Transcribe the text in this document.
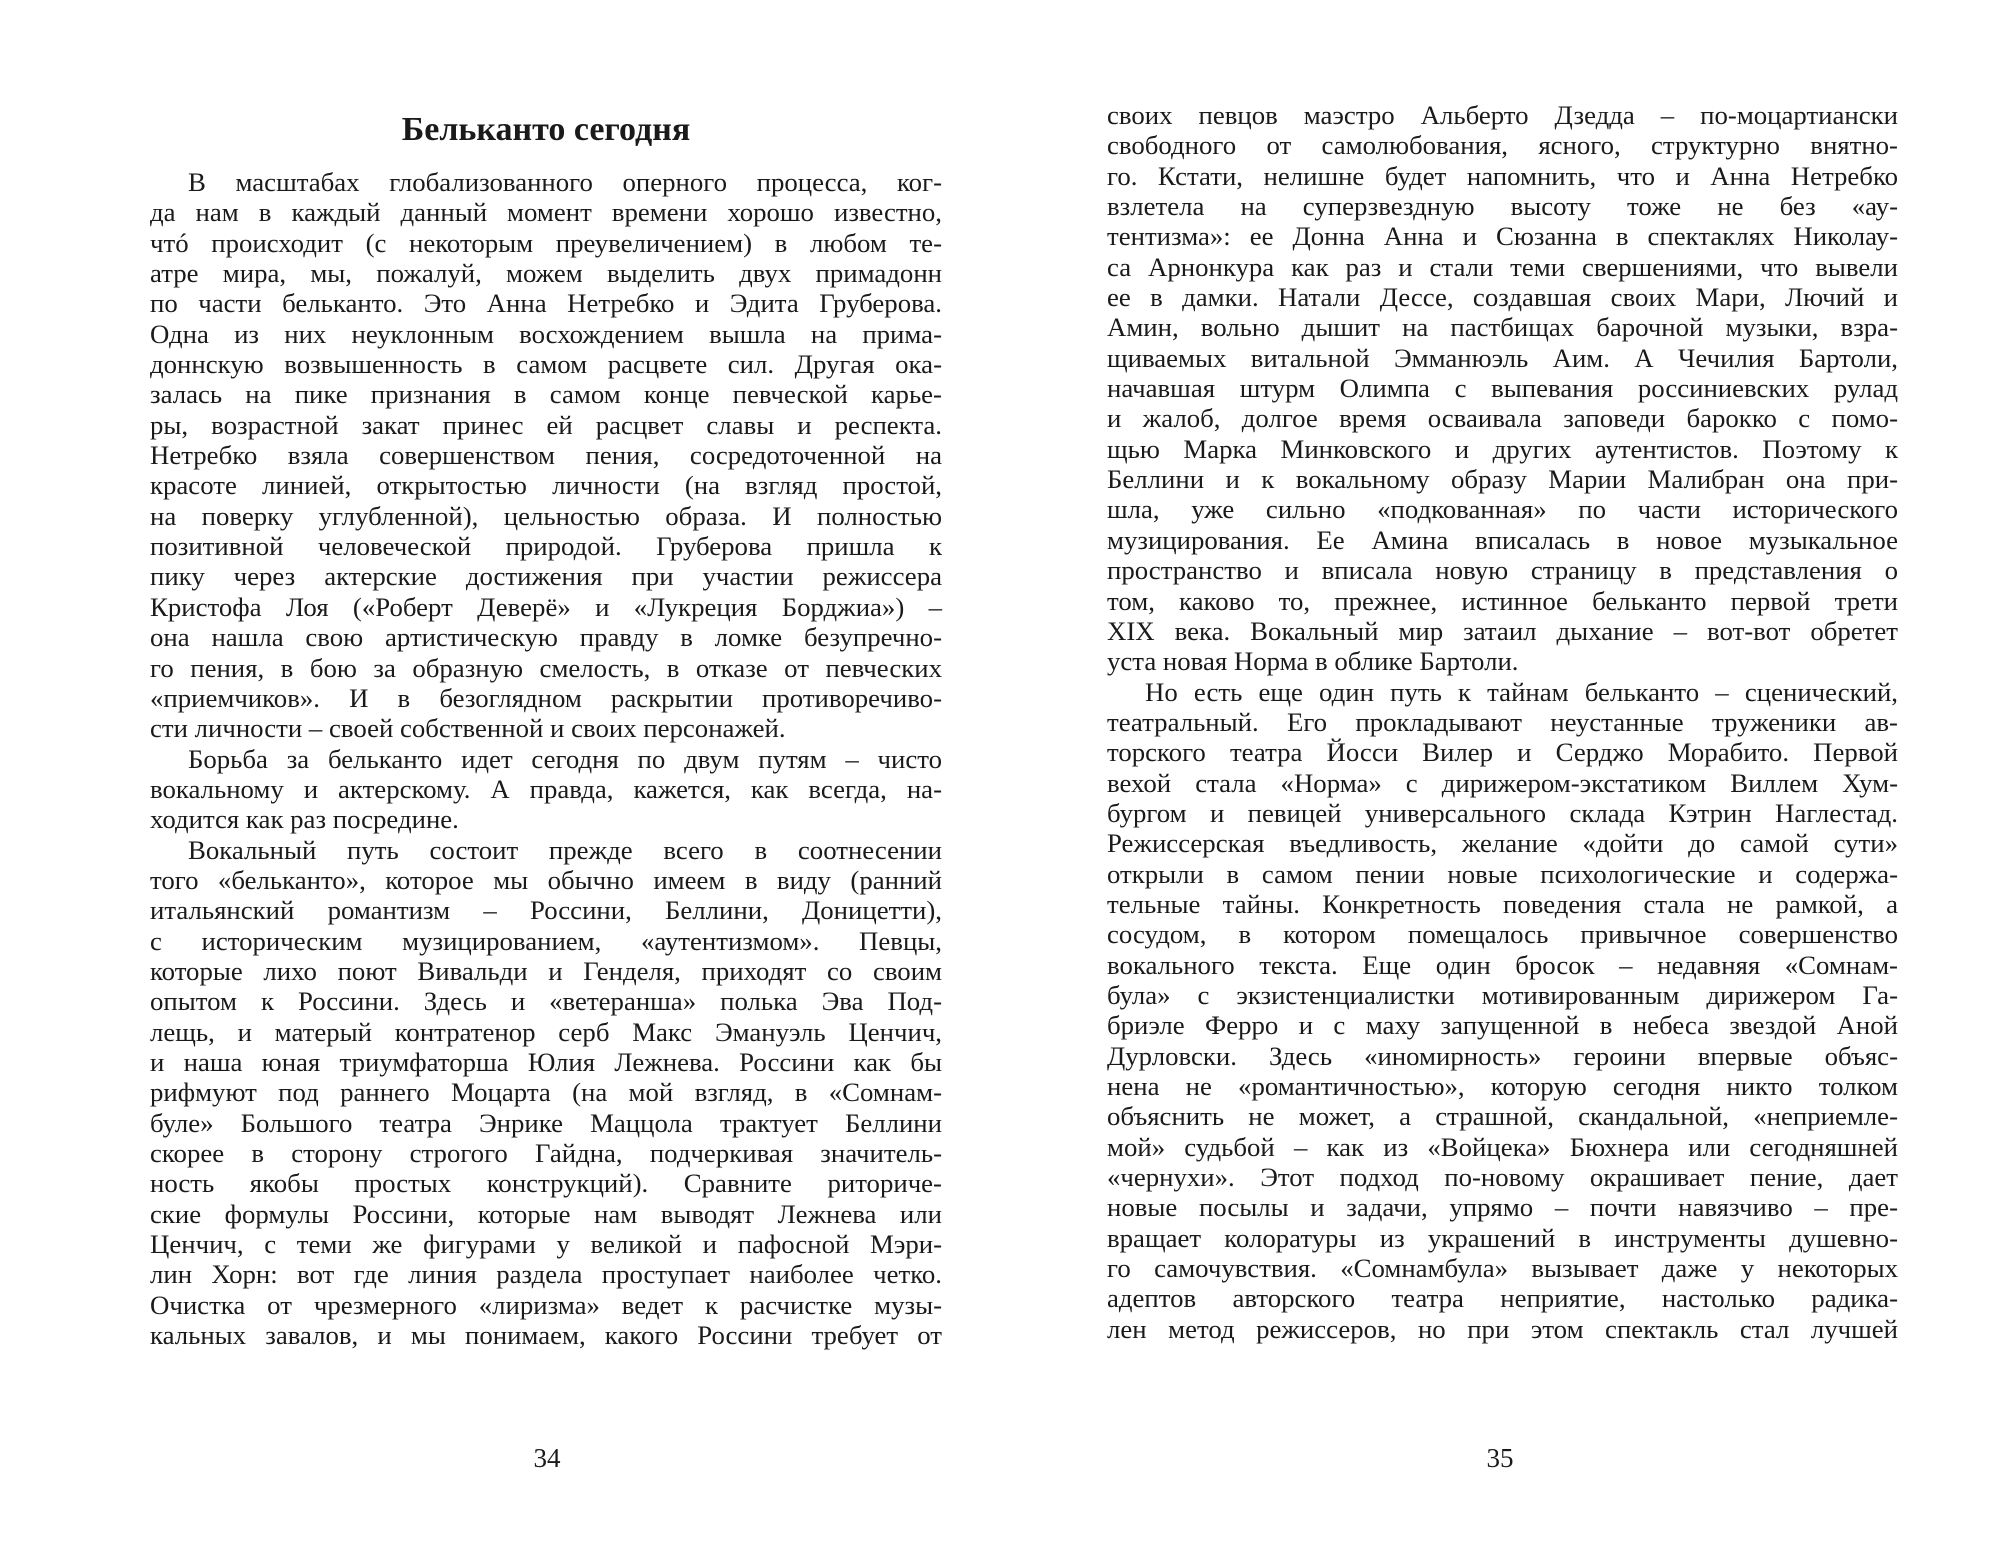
Бельканто сегодня
В масштабах глобализованного оперного процесса, ког-
да нам в каждый данный момент времени хорошо известно,
чтó происходит (с некоторым преувеличением) в любом те-
атре мира, мы, пожалуй, можем выделить двух примадонн
по части бельканто. Это Анна Нетребко и Эдита Груберова.
Одна из них неуклонным восхождением вышла на прима-
доннскую возвышенность в самом расцвете сил. Другая ока-
залась на пике признания в самом конце певческой карье-
ры, возрастной закат принес ей расцвет славы и респекта.
Нетребко взяла совершенством пения, сосредоточенной на
красоте линией, открытостью личности (на взгляд простой,
на поверку углубленной), цельностью образа. И полностью
позитивной человеческой природой. Груберова пришла к
пику через актерские достижения при участии режиссера
Кристофа Лоя («Роберт Деверё» и «Лукреция Борджиа») –
она нашла свою артистическую правду в ломке безупречно-
го пения, в бою за образную смелость, в отказе от певческих
«приемчиков». И в безоглядном раскрытии противоречиво-
сти личности – своей собственной и своих персонажей.
Борьба за бельканто идет сегодня по двум путям – чисто
вокальному и актерскому. А правда, кажется, как всегда, на-
ходится как раз посредине.
Вокальный путь состоит прежде всего в соотнесении
того «бельканто», которое мы обычно имеем в виду (ранний
итальянский романтизм – Россини, Беллини, Доницетти),
с историческим музицированием, «аутентизмом». Певцы,
которые лихо поют Вивальди и Генделя, приходят со своим
опытом к Россини. Здесь и «ветеранша» полька Эва Под-
лещь, и матерый контратенор серб Макс Эмануэль Ценчич,
и наша юная триумфаторша Юлия Лежнева. Россини как бы
рифмуют под раннего Моцарта (на мой взгляд, в «Сомнам-
буле» Большого театра Энрике Маццола трактует Беллини
скорее в сторону строгого Гайдна, подчеркивая значитель-
ность якобы простых конструкций). Сравните риториче-
ские формулы Россини, которые нам выводят Лежнева или
Ценчич, с теми же фигурами у великой и пафосной Мэри-
лин Хорн: вот где линия раздела проступает наиболее четко.
Очистка от чрезмерного «лиризма» ведет к расчистке музы-
кальных завалов, и мы понимаем, какого Россини требует от
34
своих певцов маэстро Альберто Дзедда – по-моцартиански
свободного от самолюбования, ясного, структурно внятно-
го. Кстати, нелишне будет напомнить, что и Анна Нетребко
взлетела на суперзвездную высоту тоже не без «ау-
тентизма»: ее Донна Анна и Сюзанна в спектаклях Николау-
са Арнонкура как раз и стали теми свершениями, что вывели
ее в дамки. Натали Дессе, создавшая своих Мари, Лючий и
Амин, вольно дышит на пастбищах барочной музыки, взра-
щиваемых витальной Эмманюэль Аим. А Чечилия Бартоли,
начавшая штурм Олимпа с выпевания россиниевских рулад
и жалоб, долгое время осваивала заповеди барокко с помо-
щью Марка Минковского и других аутентистов. Поэтому к
Беллини и к вокальному образу Марии Малибран она при-
шла, уже сильно «подкованная» по части исторического
музицирования. Ее Амина вписалась в новое музыкальное
пространство и вписала новую страницу в представления о
том, каково то, прежнее, истинное бельканто первой трети
XIX века. Вокальный мир затаил дыхание – вот-вот обретет
уста новая Норма в облике Бартоли.
Но есть еще один путь к тайнам бельканто – сценический,
театральный. Его прокладывают неустанные труженики ав-
торского театра Йосси Вилер и Серджо Морабито. Первой
вехой стала «Норма» с дирижером-экстатиком Виллем Хум-
бургом и певицей универсального склада Кэтрин Наглестад.
Режиссерская въедливость, желание «дойти до самой сути»
открыли в самом пении новые психологические и содержа-
тельные тайны. Конкретность поведения стала не рамкой, а
сосудом, в котором помещалось привычное совершенство
вокального текста. Еще один бросок – недавняя «Сомнам-
була» с экзистенциалистки мотивированным дирижером Га-
бриэле Ферро и с маху запущенной в небеса звездой Аной
Дурловски. Здесь «иномирность» героини впервые объяс-
нена не «романтичностью», которую сегодня никто толком
объяснить не может, а страшной, скандальной, «неприемле-
мой» судьбой – как из «Войцека» Бюхнера или сегодняшней
«чернухи». Этот подход по-новому окрашивает пение, дает
новые посылы и задачи, упрямо – почти навязчиво – пре-
вращает колоратуры из украшений в инструменты душевно-
го самочувствия. «Сомнамбула» вызывает даже у некоторых
адептов авторского театра неприятие, настолько радика-
лен метод режиссеров, но при этом спектакль стал лучшей
35
